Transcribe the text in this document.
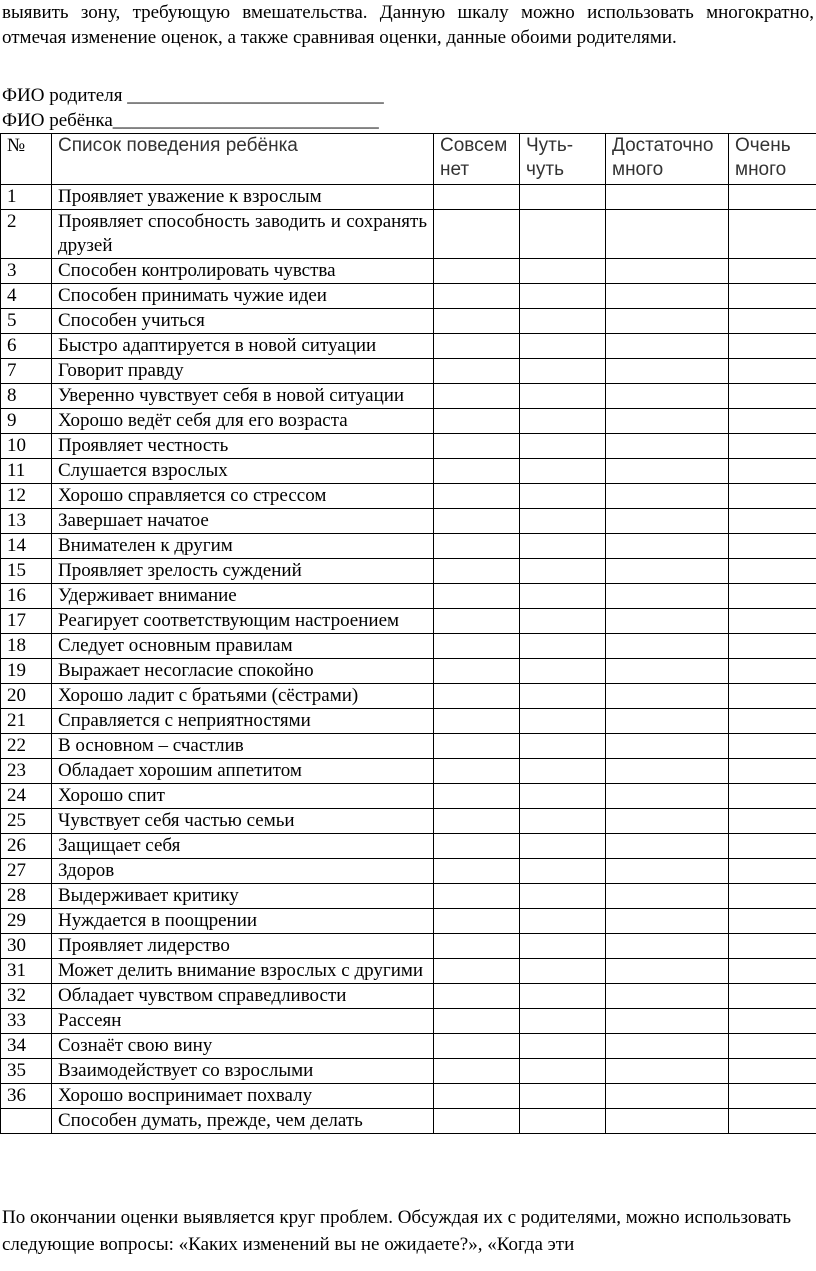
выявить зону, требующую вмешательства. Данную шкалу можно использовать многократно, отмечая изменение оценок, а также сравнивая оценки, данные обоими родителями.

ФИО родителя ___________________________
ФИО ребёнка____________________________
№	Список поведения ребёнка	Совсем нет	Чуть-чуть	Достаточно много	Очень много
1	Проявляет уважение к взрослым				
2	Проявляет способность заводить и сохранять друзей				
3	Способен контролировать чувства				
4	Способен принимать чужие идеи				
5	Способен учиться				
6	Быстро адаптируется в новой ситуации				
7	Говорит правду				
8	Уверенно чувствует себя в новой ситуации				
9	Хорошо ведёт себя для его возраста				
10	Проявляет честность				
11	Слушается взрослых				
12	Хорошо справляется со стрессом				
13	Завершает начатое				
14	Внимателен к другим				
15	Проявляет зрелость суждений				
16	Удерживает внимание				
17	Реагирует соответствующим настроением				
18	Следует основным правилам				
19	Выражает несогласие спокойно				
20	Хорошо ладит с братьями (сёстрами)				
21	Справляется с неприятностями				
22	В основном – счастлив				
23	Обладает хорошим аппетитом				
24	Хорошо спит				
25	Чувствует себя частью семьи				
26	Защищает себя				
27	Здоров				
28	Выдерживает критику				
29	Нуждается в поощрении				
30	Проявляет лидерство				
31	Может делить внимание взрослых с другими				
32	Обладает чувством справедливости				
33	Рассеян				
34	Сознаёт свою вину				
35	Взаимодействует со взрослыми				
36	Хорошо воспринимает похвалу				
	Способен думать, прежде, чем делать				

По окончании оценки выявляется круг проблем. Обсуждая их с родителями, можно использовать следующие вопросы: «Каких изменений вы не ожидаете?», «Когда эти
